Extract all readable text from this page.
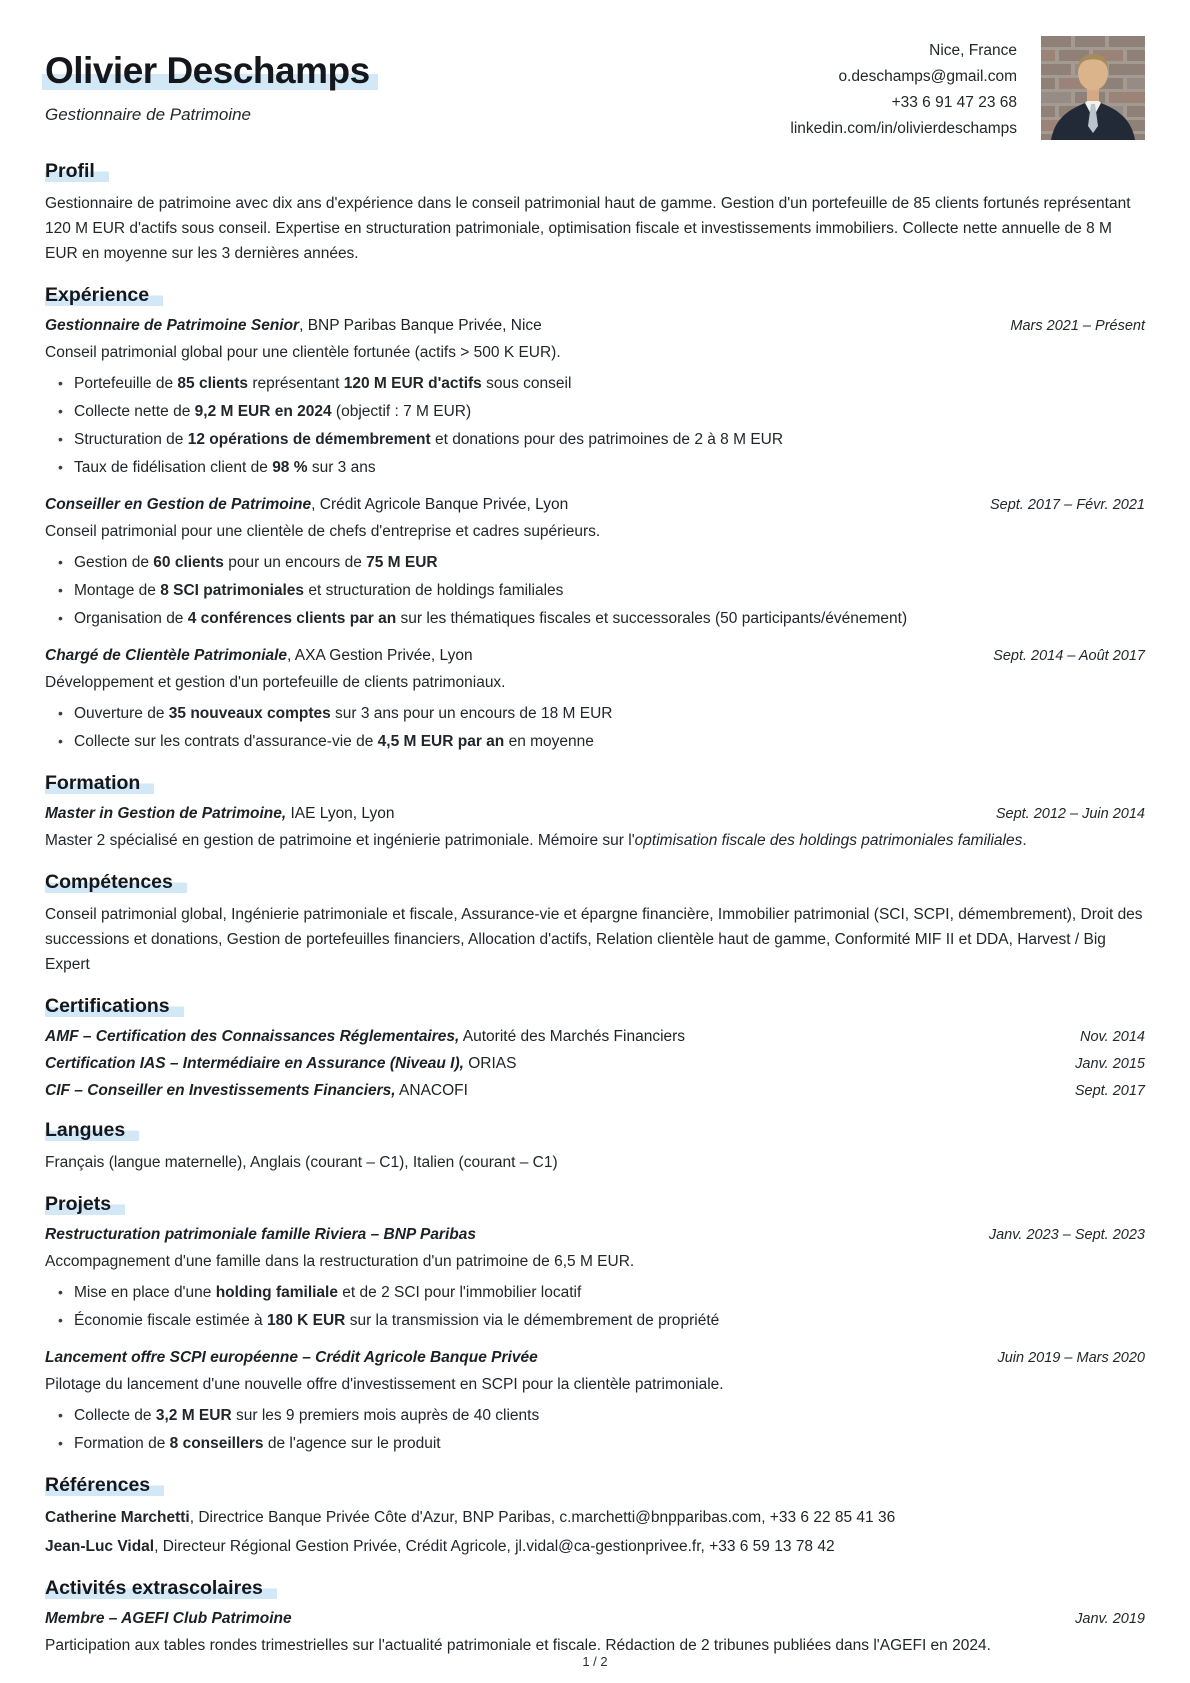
Olivier Deschamps
Gestionnaire de Patrimoine
Nice, France
o.deschamps@gmail.com
+33 6 91 47 23 68
linkedin.com/in/olivierdeschamps
Profil

Gestionnaire de patrimoine avec dix ans d'expérience dans le conseil patrimonial haut de gamme. Gestion d'un portefeuille de 85 clients fortunés représentant 120 M EUR d'actifs sous conseil. Expertise en structuration patrimoniale, optimisation fiscale et investissements immobiliers. Collecte nette annuelle de 8 M EUR en moyenne sur les 3 dernières années.

Expérience
Gestionnaire de Patrimoine Senior, BNP Paribas Banque Privée, Nice	Mars 2021 – Présent

Conseil patrimonial global pour une clientèle fortunée (actifs > 500 K EUR).

• Portefeuille de 85 clients représentant 120 M EUR d'actifs sous conseil
• Collecte nette de 9,2 M EUR en 2024 (objectif : 7 M EUR)
• Structuration de 12 opérations de démembrement et donations pour des patrimoines de 2 à 8 M EUR
• Taux de fidélisation client de 98 % sur 3 ans
Conseiller en Gestion de Patrimoine, Crédit Agricole Banque Privée, Lyon	Sept. 2017 – Févr. 2021

Conseil patrimonial pour une clientèle de chefs d'entreprise et cadres supérieurs.

• Gestion de 60 clients pour un encours de 75 M EUR
• Montage de 8 SCI patrimoniales et structuration de holdings familiales
• Organisation de 4 conférences clients par an sur les thématiques fiscales et successorales (50 participants/événement)
Chargé de Clientèle Patrimoniale, AXA Gestion Privée, Lyon	Sept. 2014 – Août 2017

Développement et gestion d'un portefeuille de clients patrimoniaux.

• Ouverture de 35 nouveaux comptes sur 3 ans pour un encours de 18 M EUR
• Collecte sur les contrats d'assurance-vie de 4,5 M EUR par an en moyenne
Formation
Master in Gestion de Patrimoine, IAE Lyon, Lyon	Sept. 2012 – Juin 2014

Master 2 spécialisé en gestion de patrimoine et ingénierie patrimoniale. Mémoire sur l'optimisation fiscale des holdings patrimoniales familiales.

Compétences

Conseil patrimonial global, Ingénierie patrimoniale et fiscale, Assurance-vie et épargne financière, Immobilier patrimonial (SCI, SCPI, démembrement), Droit des successions et donations, Gestion de portefeuilles financiers, Allocation d'actifs, Relation clientèle haut de gamme, Conformité MIF II et DDA, Harvest / Big Expert

Certifications
AMF – Certification des Connaissances Réglementaires, Autorité des Marchés Financiers	Nov. 2014
Certification IAS – Intermédiaire en Assurance (Niveau I), ORIAS	Janv. 2015
CIF – Conseiller en Investissements Financiers, ANACOFI	Sept. 2017
Langues

Français (langue maternelle), Anglais (courant – C1), Italien (courant – C1)

Projets
Restructuration patrimoniale famille Riviera – BNP Paribas	Janv. 2023 – Sept. 2023

Accompagnement d'une famille dans la restructuration d'un patrimoine de 6,5 M EUR.

• Mise en place d'une holding familiale et de 2 SCI pour l'immobilier locatif
• Économie fiscale estimée à 180 K EUR sur la transmission via le démembrement de propriété
Lancement offre SCPI européenne – Crédit Agricole Banque Privée	Juin 2019 – Mars 2020

Pilotage du lancement d'une nouvelle offre d'investissement en SCPI pour la clientèle patrimoniale.

• Collecte de 3,2 M EUR sur les 9 premiers mois auprès de 40 clients
• Formation de 8 conseillers de l'agence sur le produit
Références

Catherine Marchetti, Directrice Banque Privée Côte d'Azur, BNP Paribas, c.marchetti@bnpparibas.com, +33 6 22 85 41 36

Jean-Luc Vidal, Directeur Régional Gestion Privée, Crédit Agricole, jl.vidal@ca-gestionprivee.fr, +33 6 59 13 78 42

Activités extrascolaires
Membre – AGEFI Club Patrimoine	Janv. 2019

Participation aux tables rondes trimestrielles sur l'actualité patrimoniale et fiscale. Rédaction de 2 tribunes publiées dans l'AGEFI en 2024.

1 / 2
